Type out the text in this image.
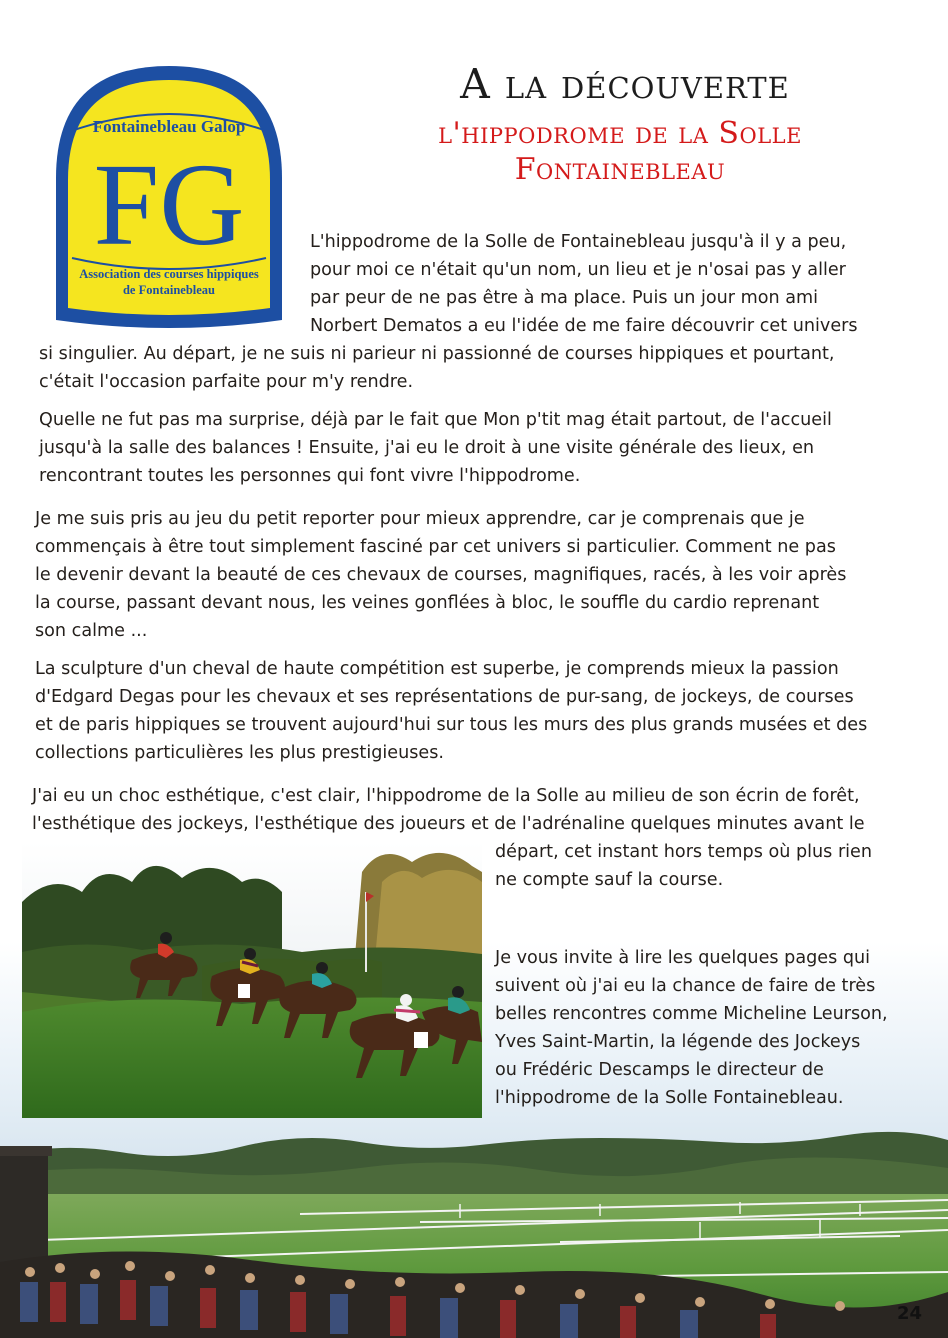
Fontainebleau Galop
FG
Association des courses hippiques
de Fontainebleau
A la découverte
l'hippodrome de la Solle
Fontainebleau
L'hippodrome de la Solle de Fontainebleau jusqu'à il y a peu,
pour moi ce n'était qu'un nom, un lieu et je n'osai pas y aller
par peur de ne pas être à ma place. Puis un jour mon ami
Norbert Dematos a eu l'idée de me faire découvrir cet univers
si singulier. Au départ, je ne suis ni parieur ni passionné de courses hippiques et pourtant,
c'était l'occasion parfaite pour m'y rendre.
Quelle ne fut pas ma surprise, déjà par le fait que Mon p'tit mag était partout, de l'accueil
jusqu'à la salle des balances ! Ensuite, j'ai eu le droit à une visite générale des lieux, en
rencontrant toutes les personnes qui font vivre l'hippodrome.
Je me suis pris au jeu du petit reporter pour mieux apprendre, car je comprenais que je
commençais à être tout simplement fasciné par cet univers si particulier. Comment ne pas
le devenir devant la beauté de ces chevaux de courses, magnifiques, racés, à les voir après
la course, passant devant nous, les veines gonflées à bloc, le souffle du cardio reprenant
son calme ...
La sculpture d'un cheval de haute compétition est superbe, je comprends mieux la passion
d'Edgard Degas pour les chevaux et ses représentations de pur-sang, de jockeys, de courses
et de paris hippiques se trouvent aujourd'hui sur tous les murs des plus grands musées et des
collections particulières les plus prestigieuses.
J'ai eu un choc esthétique, c'est clair, l'hippodrome de la Solle au milieu de son écrin de forêt,
l'esthétique des jockeys, l'esthétique des joueurs et de l'adrénaline quelques minutes avant le
départ, cet instant hors temps où plus rien
ne compte sauf la course.
Je vous invite à lire les quelques pages qui
suivent où j'ai eu la chance de faire de très
belles rencontres comme Micheline Leurson,
Yves Saint-Martin, la légende des Jockeys
ou Frédéric Descamps le directeur de
l'hippodrome de la Solle Fontainebleau.
24
